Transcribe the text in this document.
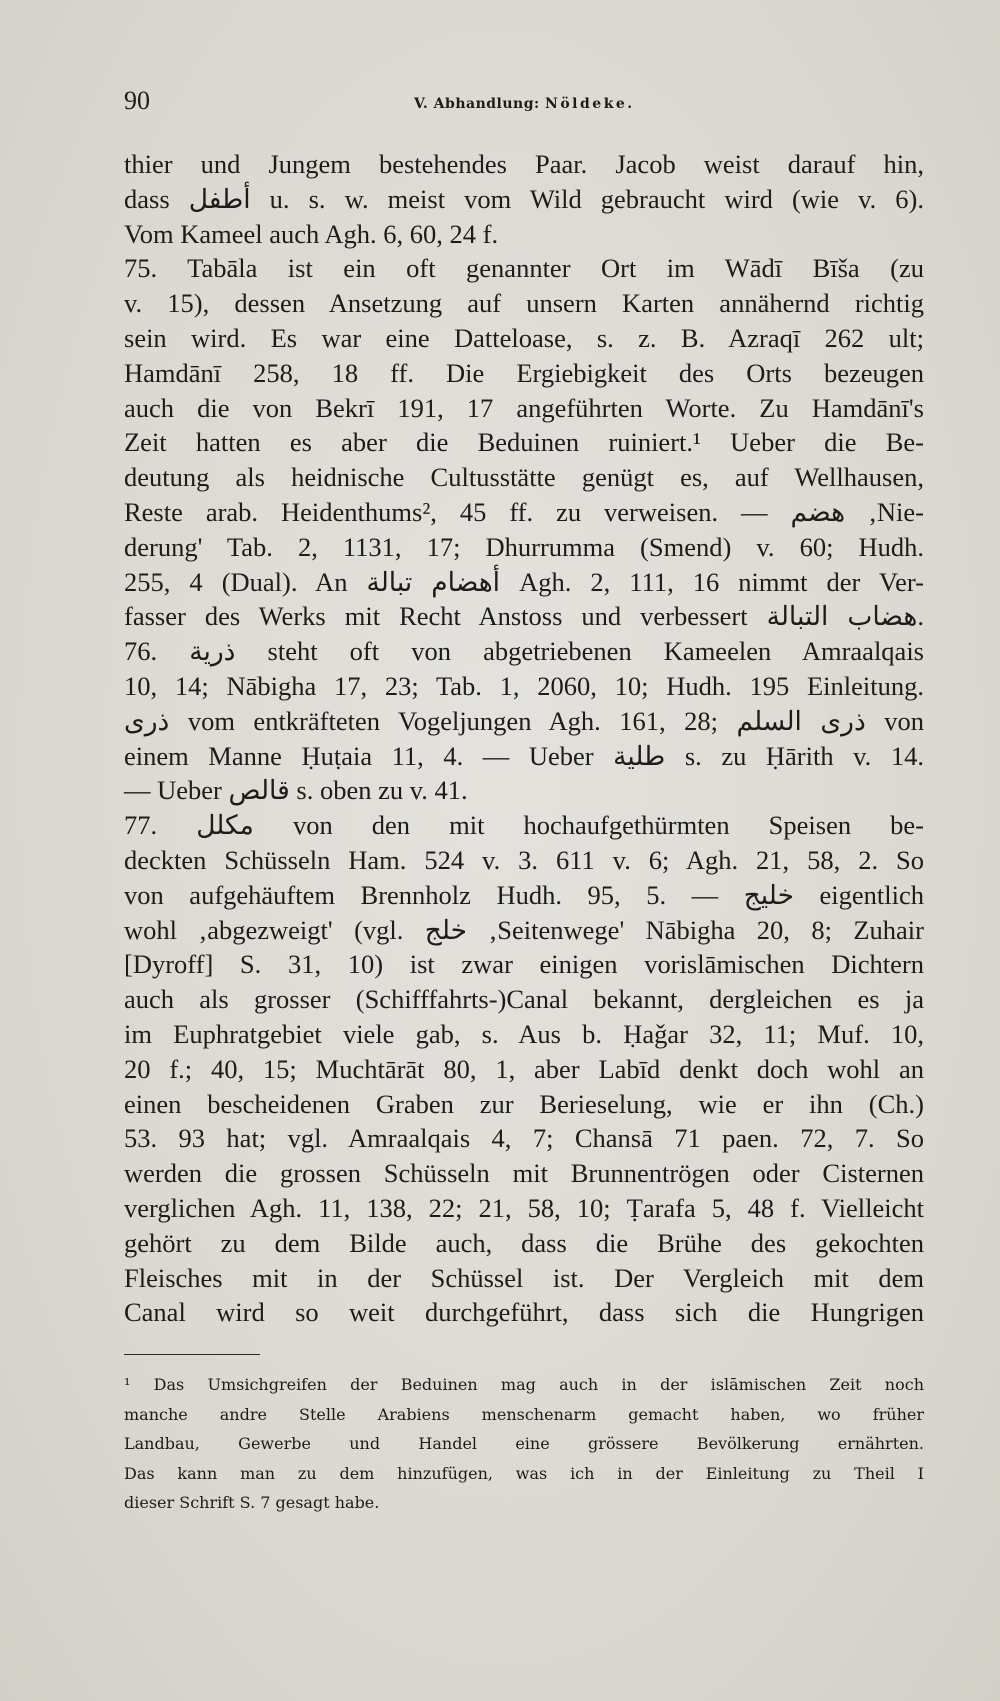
90	V. Abhandlung: Nöldeke.
thier und Jungem bestehendes Paar. Jacob weist darauf hin,
dass أطفل u. s. w. meist vom Wild gebraucht wird (wie v. 6).
Vom Kameel auch Agh. 6, 60, 24 f.
75. Tabāla ist ein oft genannter Ort im Wādī Bīša (zu
v. 15), dessen Ansetzung auf unsern Karten annähernd richtig
sein wird. Es war eine Datteloase, s. z. B. Azraqī 262 ult;
Hamdānī 258, 18 ff. Die Ergiebigkeit des Orts bezeugen
auch die von Bekrī 191, 17 angeführten Worte. Zu Hamdānī's
Zeit hatten es aber die Beduinen ruiniert.¹ Ueber die Be-
deutung als heidnische Cultusstätte genügt es, auf Wellhausen,
Reste arab. Heidenthums², 45 ff. zu verweisen. — هضم ‚Nie-
derung' Tab. 2, 1131, 17; Dhurrumma (Smend) v. 60; Hudh.
255, 4 (Dual). An أهضام تبالة Agh. 2, 111, 16 nimmt der Ver-
fasser des Werks mit Recht Anstoss und verbessert هضاب التبالة.
76. ذرية steht oft von abgetriebenen Kameelen Amraalqais
10, 14; Nābigha 17, 23; Tab. 1, 2060, 10; Hudh. 195 Einleitung.
ذرى vom entkräfteten Vogeljungen Agh. 161, 28; ذرى السلم von
einem Manne Ḥuṭaia 11, 4. — Ueber طلية s. zu Ḥārith v. 14.
— Ueber قالص s. oben zu v. 41.
77. مكلل von den mit hochaufgethürmten Speisen be-
deckten Schüsseln Ham. 524 v. 3. 611 v. 6; Agh. 21, 58, 2. So
von aufgehäuftem Brennholz Hudh. 95, 5. — خليج eigentlich
wohl ‚abgezweigt' (vgl. خلج ‚Seitenwege' Nābigha 20, 8; Zuhair
[Dyroff] S. 31, 10) ist zwar einigen vorislāmischen Dichtern
auch als grosser (Schifffahrts-)Canal bekannt, dergleichen es ja
im Euphratgebiet viele gab, s. Aus b. Ḥaǧar 32, 11; Muf. 10,
20 f.; 40, 15; Muchtārāt 80, 1, aber Labīd denkt doch wohl an
einen bescheidenen Graben zur Berieselung, wie er ihn (Ch.)
53. 93 hat; vgl. Amraalqais 4, 7; Chansā 71 paen. 72, 7. So
werden die grossen Schüsseln mit Brunnentrögen oder Cisternen
verglichen Agh. 11, 138, 22; 21, 58, 10; Ṭarafa 5, 48 f. Vielleicht
gehört zu dem Bilde auch, dass die Brühe des gekochten
Fleisches mit in der Schüssel ist. Der Vergleich mit dem
Canal wird so weit durchgeführt, dass sich die Hungrigen
¹ Das Umsichgreifen der Beduinen mag auch in der islāmischen Zeit noch
manche andre Stelle Arabiens menschenarm gemacht haben, wo früher
Landbau, Gewerbe und Handel eine grössere Bevölkerung ernährten.
Das kann man zu dem hinzufügen, was ich in der Einleitung zu Theil I
dieser Schrift S. 7 gesagt habe.
